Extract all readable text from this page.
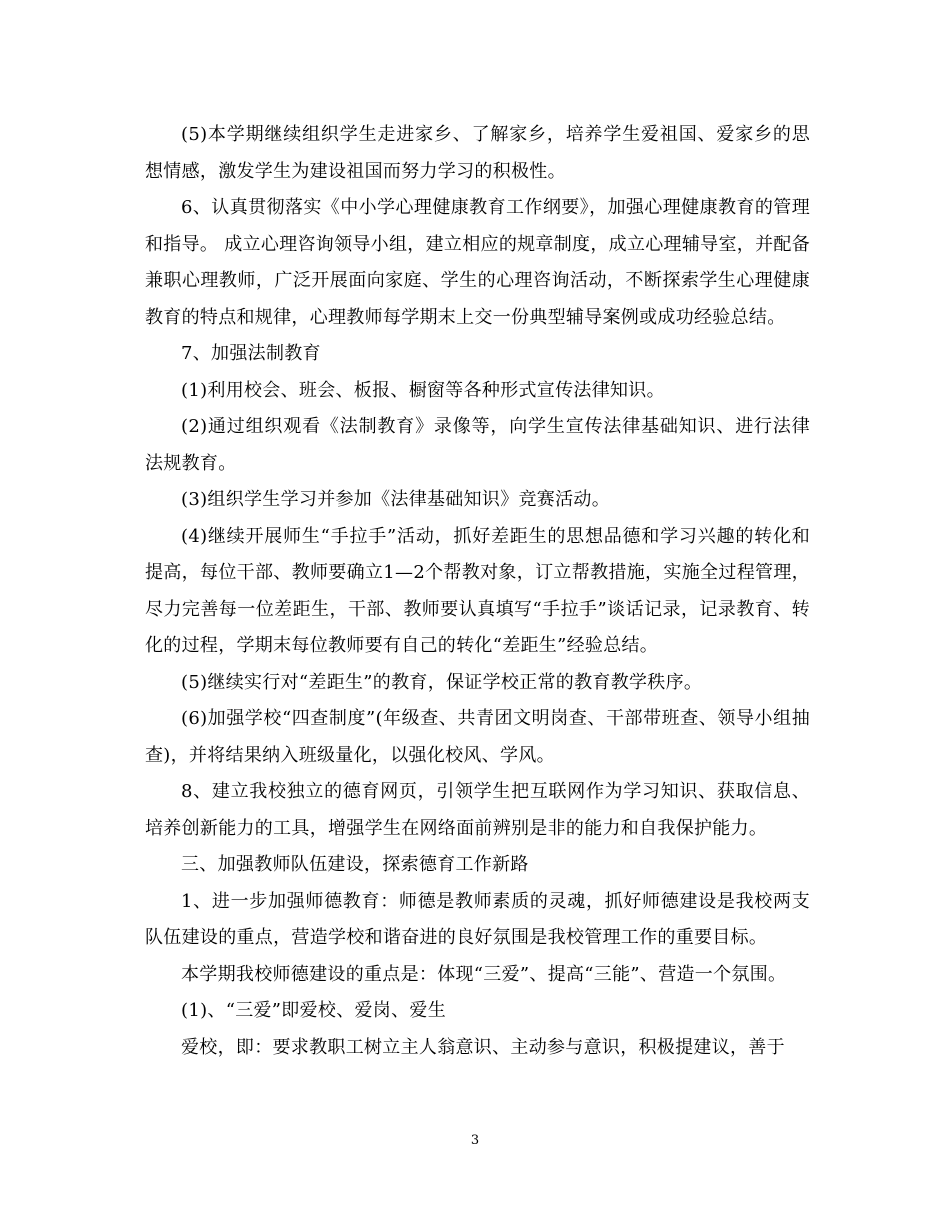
(5)本学期继续组织学生走进家乡、了解家乡，培养学生爱祖国、爱家乡的思想情感，激发学生为建设祖国而努力学习的积极性。

6、认真贯彻落实《中小学心理健康教育工作纲要》，加强心理健康教育的管理和指导。 成立心理咨询领导小组，建立相应的规章制度，成立心理辅导室，并配备兼职心理教师，广泛开展面向家庭、学生的心理咨询活动，不断探索学生心理健康教育的特点和规律，心理教师每学期末上交一份典型辅导案例或成功经验总结。

7、加强法制教育

(1)利用校会、班会、板报、橱窗等各种形式宣传法律知识。

(2)通过组织观看《法制教育》录像等，向学生宣传法律基础知识、进行法律法规教育。

(3)组织学生学习并参加《法律基础知识》竞赛活动。

(4)继续开展师生“手拉手”活动，抓好差距生的思想品德和学习兴趣的转化和提高，每位干部、教师要确立1—2个帮教对象，订立帮教措施，实施全过程管理，尽力完善每一位差距生，干部、教师要认真填写“手拉手”谈话记录，记录教育、转化的过程，学期末每位教师要有自己的转化“差距生”经验总结。

(5)继续实行对“差距生”的教育，保证学校正常的教育教学秩序。

(6)加强学校“四查制度”(年级查、共青团文明岗查、干部带班查、领导小组抽查)，并将结果纳入班级量化，以强化校风、学风。

8、建立我校独立的德育网页，引领学生把互联网作为学习知识、获取信息、培养创新能力的工具，增强学生在网络面前辨别是非的能力和自我保护能力。

三、加强教师队伍建设，探索德育工作新路

1、进一步加强师德教育：师德是教师素质的灵魂，抓好师德建设是我校两支队伍建设的重点，营造学校和谐奋进的良好氛围是我校管理工作的重要目标。

本学期我校师德建设的重点是：体现“三爱”、提高“三能”、营造一个氛围。

(1)、“三爱”即爱校、爱岗、爱生

爱校，即：要求教职工树立主人翁意识、主动参与意识，积极提建议，善于

3
